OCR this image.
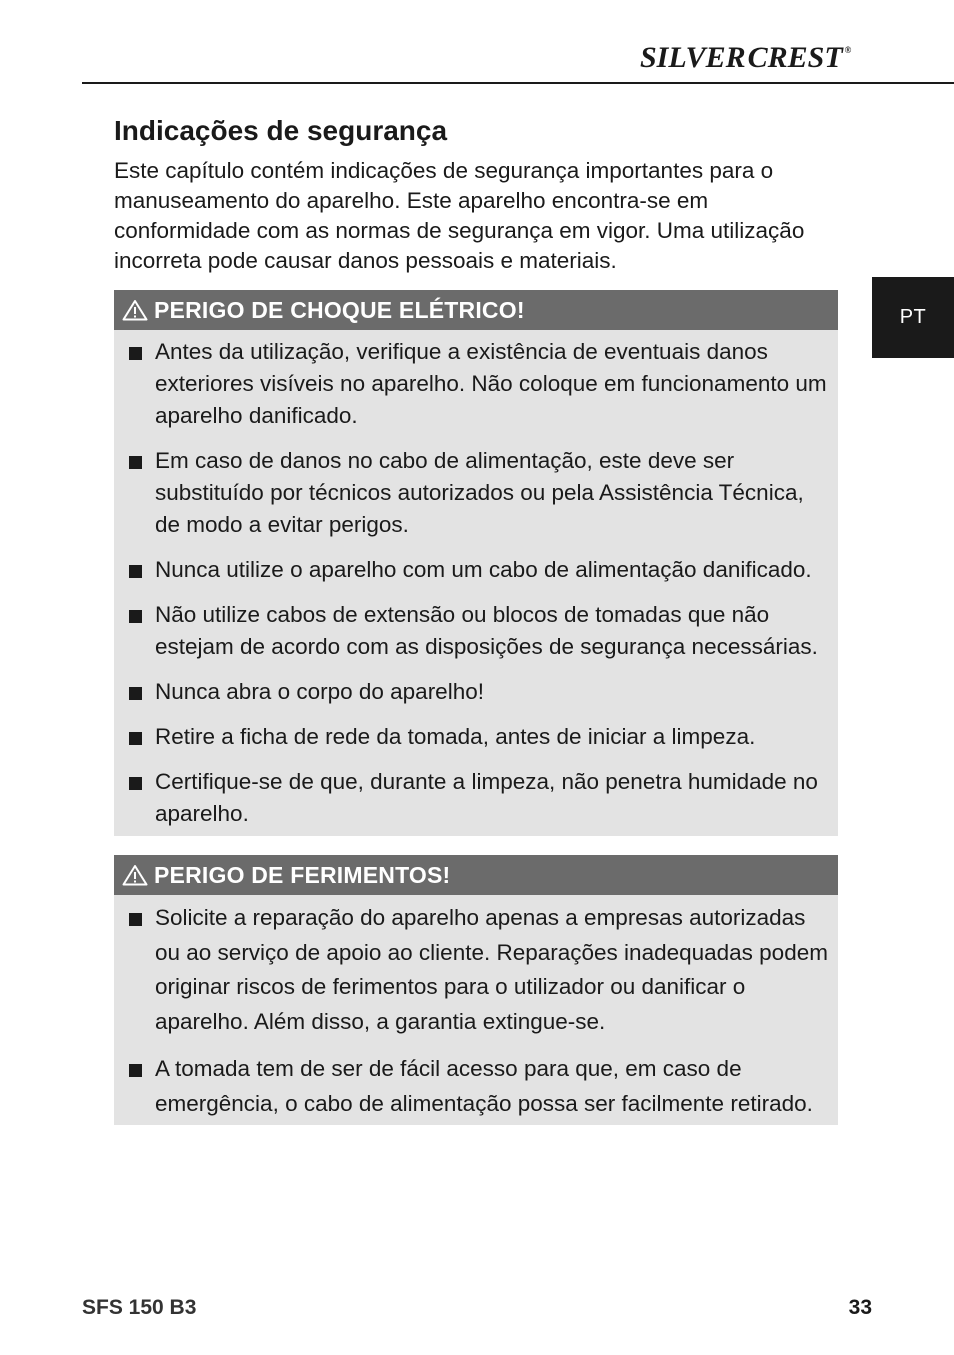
SILVERCREST ®
PT
Indicações de segurança

Este capítulo contém indicações de segurança importantes para o manuseamento do aparelho. Este aparelho encontra-se em conformidade com as normas de segurança em vigor. Uma utilização incorreta pode causar danos pessoais e materiais.

PERIGO DE CHOQUE ELÉTRICO!
Antes da utilização, verifique a existência de eventuais danos exteriores visíveis no aparelho. Não coloque em funcionamento um aparelho danificado.
Em caso de danos no cabo de alimentação, este deve ser substituído por técnicos autorizados ou pela Assistência Técnica, de modo a evitar perigos.
Nunca utilize o aparelho com um cabo de alimentação danificado.
Não utilize cabos de extensão ou blocos de tomadas que não estejam de acordo com as disposições de segurança necessárias.
Nunca abra o corpo do aparelho!
Retire a ficha de rede da tomada, antes de iniciar a limpeza.
Certifique-se de que, durante a limpeza, não penetra humidade no aparelho.
PERIGO DE FERIMENTOS!
Solicite a reparação do aparelho apenas a empresas autorizadas ou ao serviço de apoio ao cliente. Reparações inadequadas podem originar riscos de ferimentos para o utilizador ou danificar o aparelho. Além disso, a garantia extingue-se.
A tomada tem de ser de fácil acesso para que, em caso de emergência, o cabo de alimentação possa ser facilmente retirado.
SFS 150 B3	33
